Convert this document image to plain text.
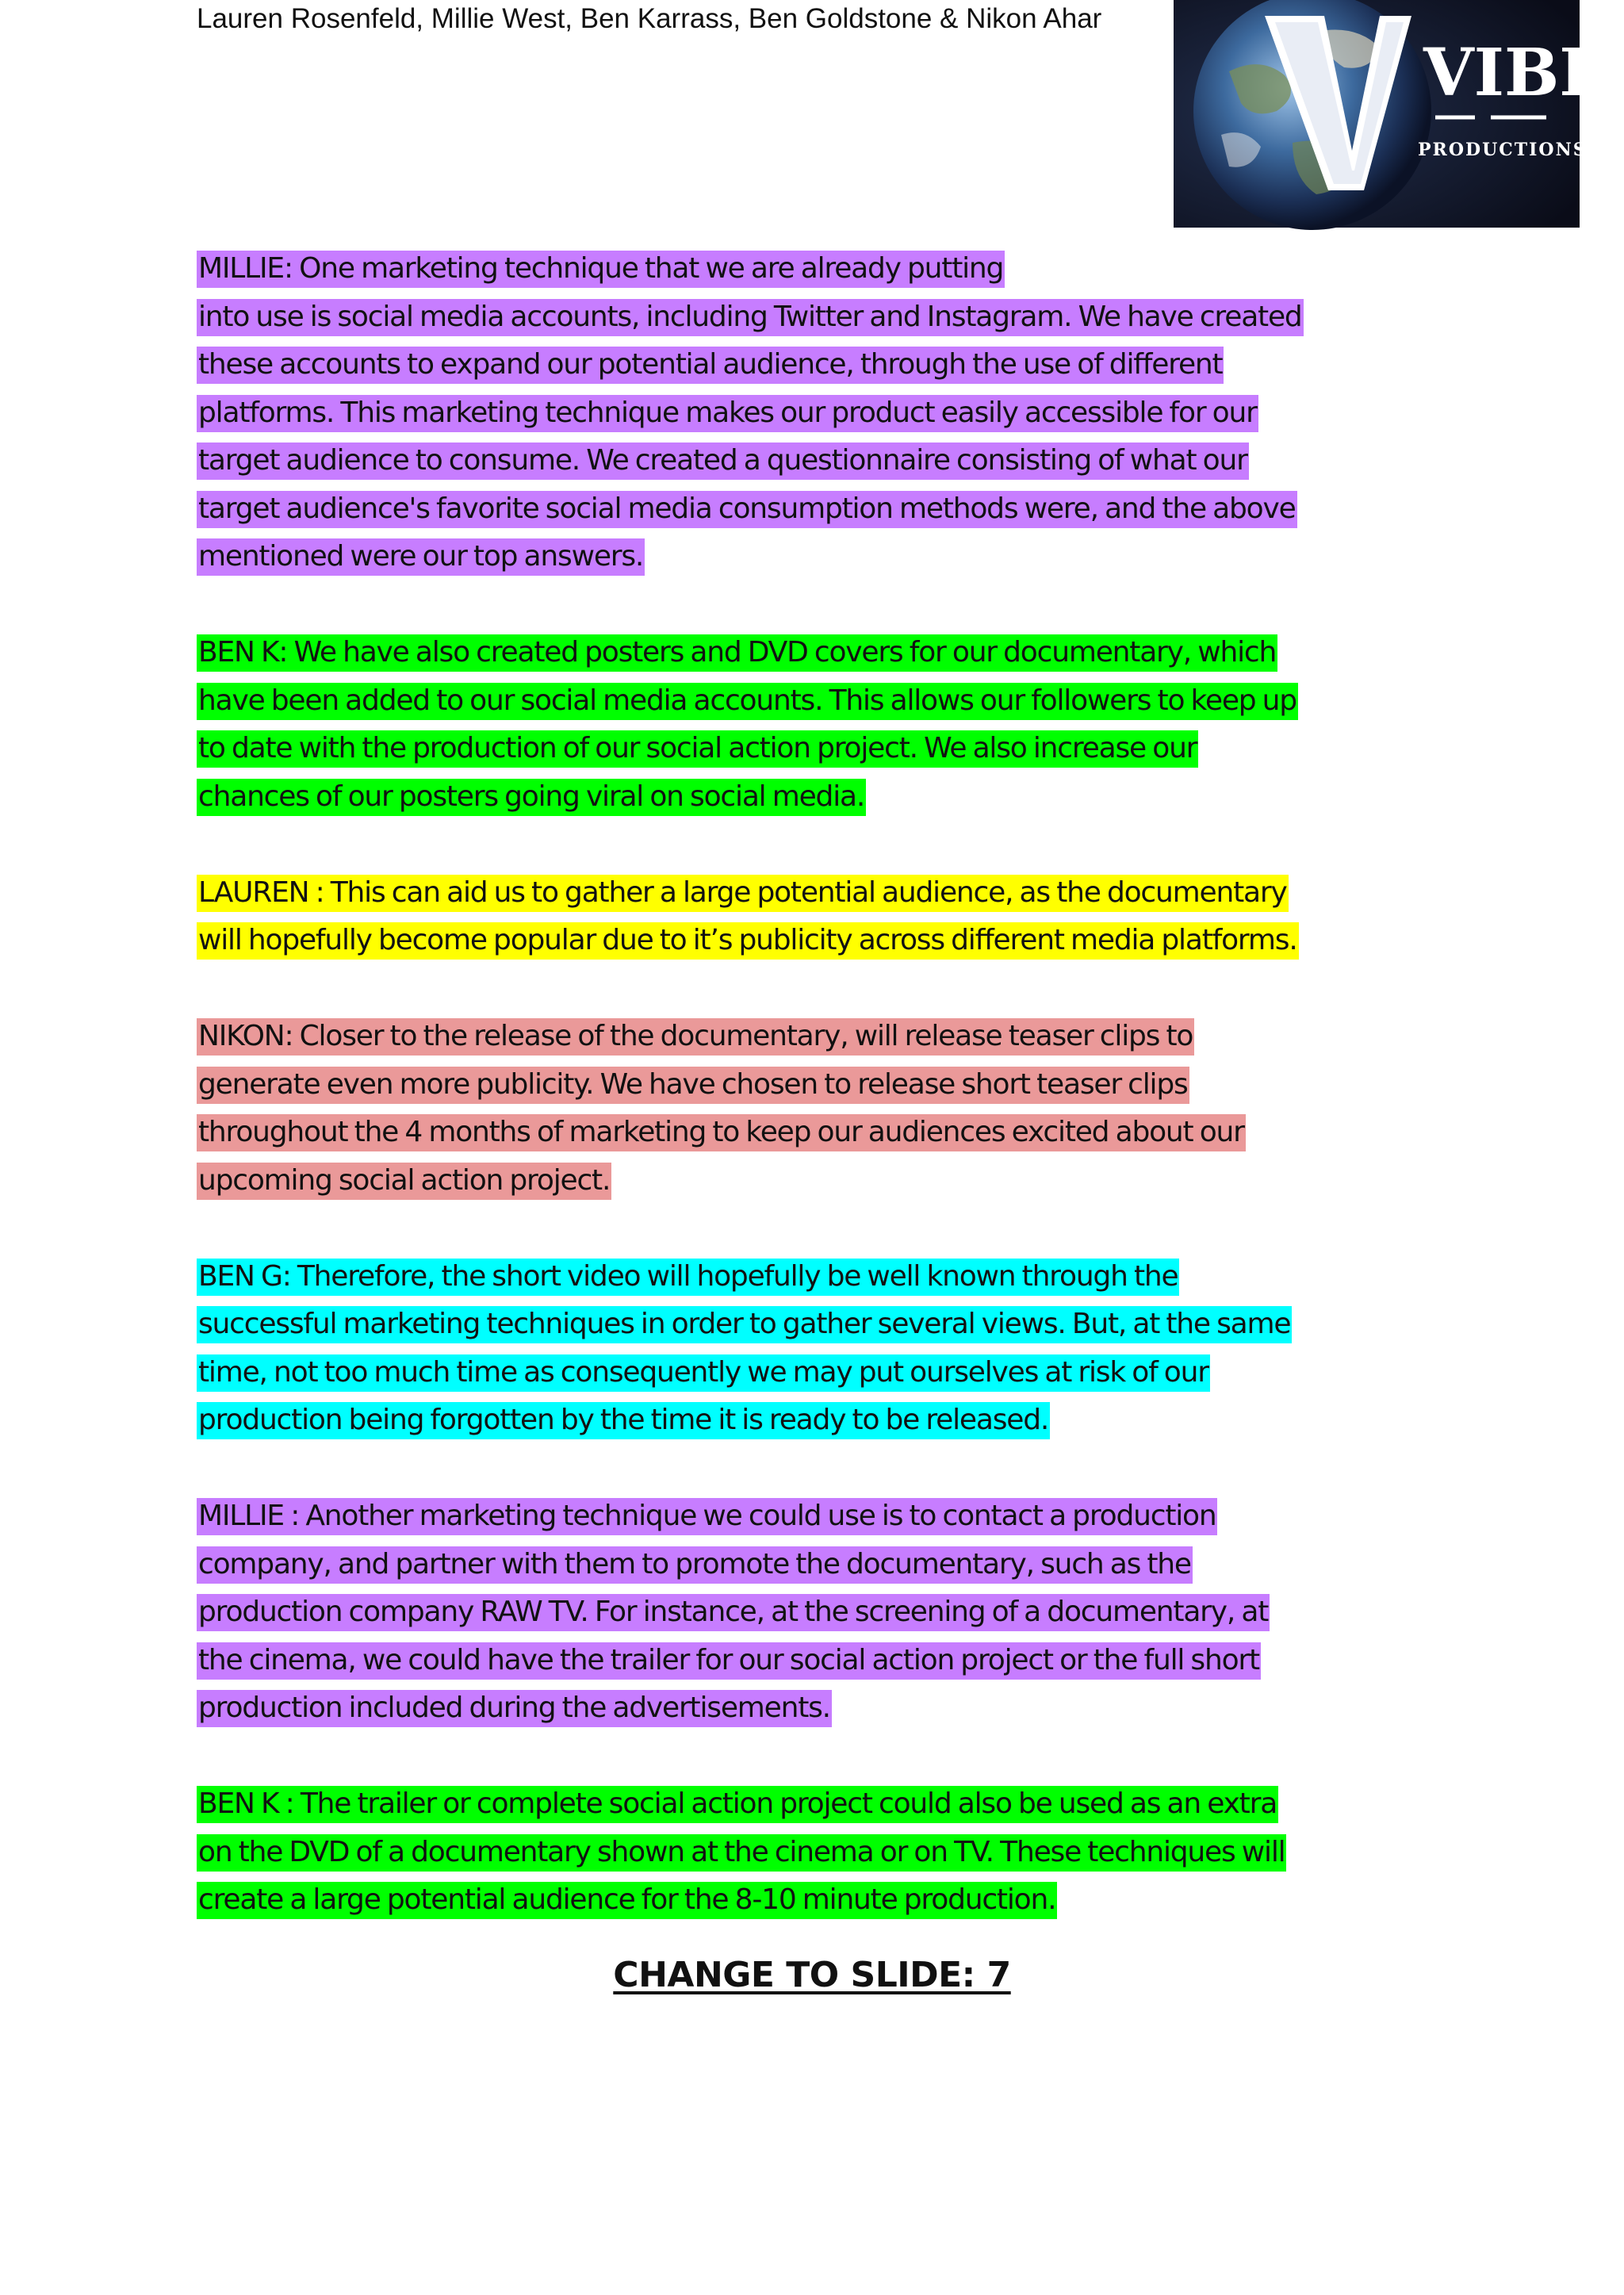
Lauren Rosenfeld, Millie West, Ben Karrass, Ben Goldstone & Nikon Ahar
VIBE
PRODUCTIONS
MILLIE: One marketing technique that we are already putting
into use is social media accounts, including Twitter and Instagram. We have created
these accounts to expand our potential audience, through the use of different
platforms. This marketing technique makes our product easily accessible for our
target audience to consume. We created a questionnaire consisting of what our
target audience's favorite social media consumption methods were, and the above
mentioned were our top answers.
BEN K: We have also created posters and DVD covers for our documentary, which
have been added to our social media accounts. This allows our followers to keep up
to date with the production of our social action project. We also increase our
chances of our posters going viral on social media.
LAUREN : This can aid us to gather a large potential audience, as the documentary
will hopefully become popular due to it’s publicity across different media platforms.
NIKON: Closer to the release of the documentary, will release teaser clips to
generate even more publicity. We have chosen to release short teaser clips
throughout the 4 months of marketing to keep our audiences excited about our
upcoming social action project.
BEN G: Therefore, the short video will hopefully be well known through the
successful marketing techniques in order to gather several views. But, at the same
time, not too much time as consequently we may put ourselves at risk of our
production being forgotten by the time it is ready to be released.
MILLIE : Another marketing technique we could use is to contact a production
company, and partner with them to promote the documentary, such as the
production company RAW TV. For instance, at the screening of a documentary, at
the cinema, we could have the trailer for our social action project or the full short
production included during the advertisements.
BEN K : The trailer or complete social action project could also be used as an extra
on the DVD of a documentary shown at the cinema or on TV. These techniques will
create a large potential audience for the 8-10 minute production.
CHANGE TO SLIDE: 7
